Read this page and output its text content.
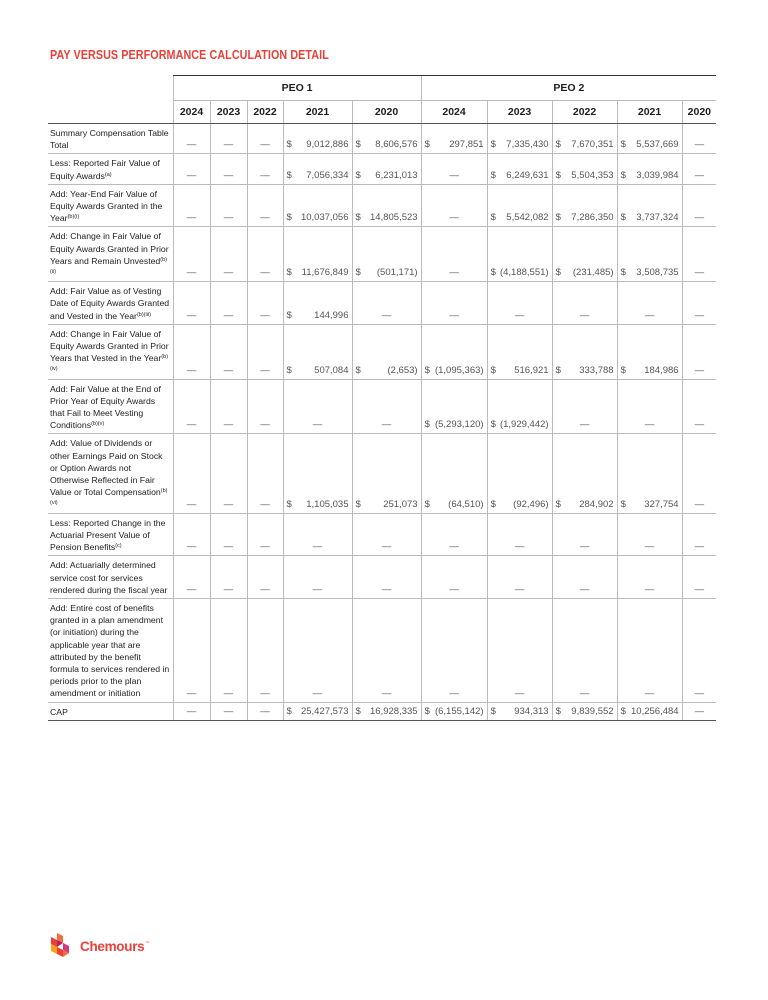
PAY VERSUS PERFORMANCE CALCULATION DETAIL
	PEO 1					PEO 2				
	2024	2023	2022	2021	2020	2024	2023	2022	2021	2020
Summary Compensation Table Total	—	—	—	$ 9,012,886	$ 8,606,576	$ 297,851	$ 7,335,430	$ 7,670,351	$ 5,537,669	—
Less: Reported Fair Value of Equity Awards$^{(a)}$	—	—	—	$ 7,056,334	$ 6,231,013	—	$ 6,249,631	$ 5,504,353	$ 3,039,984	—
Add: Year-End Fair Value of Equity Awards Granted in the Year$^{(b)(i)}$	—	—	—	$ 10,037,056	$ 14,805,523	—	$ 5,542,082	$ 7,286,350	$ 3,737,324	—
Add: Change in Fair Value of Equity Awards Granted in Prior Years and Remain Unvested$^{(b)(ii)}$	—	—	—	$ 11,676,849	$ (501,171)	—	$ (4,188,551)	$ (231,485)	$ 3,508,735	—
Add: Fair Value as of Vesting Date of Equity Awards Granted and Vested in the Year$^{(b)(iii)}$	—	—	—	$ 144,996	—	—	—	—	—	—
Add: Change in Fair Value of Equity Awards Granted in Prior Years that Vested in the Year$^{(b)(iv)}$	—	—	—	$ 507,084	$ (2,653)	$ (1,095,363)	$ 516,921	$ 333,788	$ 184,986	—
Add: Fair Value at the End of Prior Year of Equity Awards that Fail to Meet Vesting Conditions$^{(b)(v)}$	—	—	—	—	—	$ (5,293,120)	$ (1,929,442)	—	—	—
Add: Value of Dividends or other Earnings Paid on Stock or Option Awards not Otherwise Reflected in Fair Value or Total Compensation$^{(b)(vi)}$	—	—	—	$ 1,105,035	$ 251,073	$ (64,510)	$ (92,496)	$ 284,902	$ 327,754	—
Less: Reported Change in the Actuarial Present Value of Pension Benefits$^{(c)}$	—	—	—	—	—	—	—	—	—	—
Add: Actuarially determined service cost for services rendered during the fiscal year	—	—	—	—	—	—	—	—	—	—
Add: Entire cost of benefits granted in a plan amendment (or initiation) during the applicable year that are attributed by the benefit formula to services rendered in periods prior to the plan amendment or initiation	—	—	—	—	—	—	—	—	—	—
CAP	—	—	—	$ 25,427,573	$ 16,928,335	$ (6,155,142)	$ 934,313	$ 9,839,552	$ 10,256,484	—
Chemours™
